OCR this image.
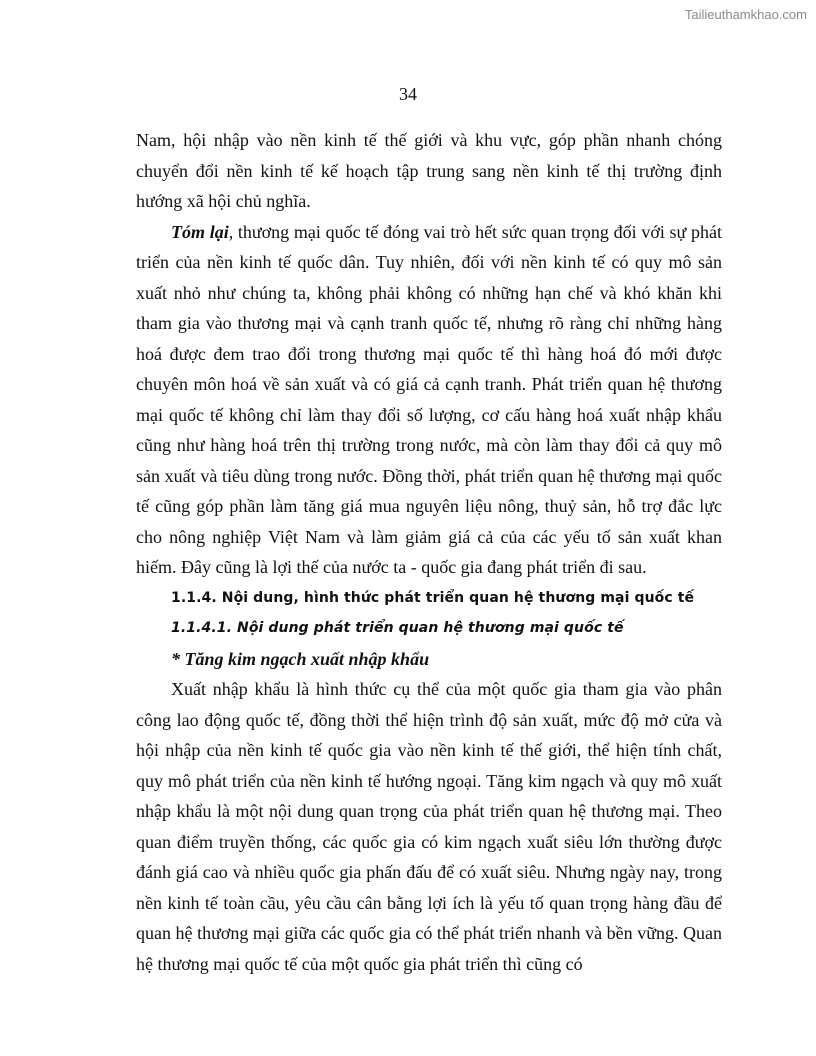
Tailieuthamkhao.com
34

Nam, hội nhập vào nền kinh tế thế giới và khu vực, góp phần nhanh chóng chuyển đổi nền kinh tế kế hoạch tập trung sang nền kinh tế thị trường định hướng xã hội chủ nghĩa.

Tóm lại, thương mại quốc tế đóng vai trò hết sức quan trọng đối với sự phát triển của nền kinh tế quốc dân. Tuy nhiên, đối với nền kinh tế có quy mô sản xuất nhỏ như chúng ta, không phải không có những hạn chế và khó khăn khi tham gia vào thương mại và cạnh tranh quốc tế, nhưng rõ ràng chỉ những hàng hoá được đem trao đổi trong thương mại quốc tế thì hàng hoá đó mới được chuyên môn hoá về sản xuất và có giá cả cạnh tranh. Phát triển quan hệ thương mại quốc tế không chỉ làm thay đổi số lượng, cơ cấu hàng hoá xuất nhập khẩu cũng như hàng hoá trên thị trường trong nước, mà còn làm thay đổi cả quy mô sản xuất và tiêu dùng trong nước. Đồng thời, phát triển quan hệ thương mại quốc tế cũng góp phần làm tăng giá mua nguyên liệu nông, thuỷ sản, hỗ trợ đắc lực cho nông nghiệp Việt Nam và làm giảm giá cả của các yếu tố sản xuất khan hiếm. Đây cũng là lợi thế của nước ta - quốc gia đang phát triển đi sau.

1.1.4. Nội dung, hình thức phát triển quan hệ thương mại quốc tế
1.1.4.1. Nội dung phát triển quan hệ thương mại quốc tế
* Tăng kim ngạch xuất nhập khẩu

Xuất nhập khẩu là hình thức cụ thể của một quốc gia tham gia vào phân công lao động quốc tế, đồng thời thể hiện trình độ sản xuất, mức độ mở cửa và hội nhập của nền kinh tế quốc gia vào nền kinh tế thế giới, thể hiện tính chất, quy mô phát triển của nền kinh tế hướng ngoại. Tăng kim ngạch và quy mô xuất nhập khẩu là một nội dung quan trọng của phát triển quan hệ thương mại. Theo quan điểm truyền thống, các quốc gia có kim ngạch xuất siêu lớn thường được đánh giá cao và nhiều quốc gia phấn đấu để có xuất siêu. Nhưng ngày nay, trong nền kinh tế toàn cầu, yêu cầu cân bằng lợi ích là yếu tố quan trọng hàng đầu để quan hệ thương mại giữa các quốc gia có thể phát triển nhanh và bền vững. Quan hệ thương mại quốc tế của một quốc gia phát triển thì cũng có
